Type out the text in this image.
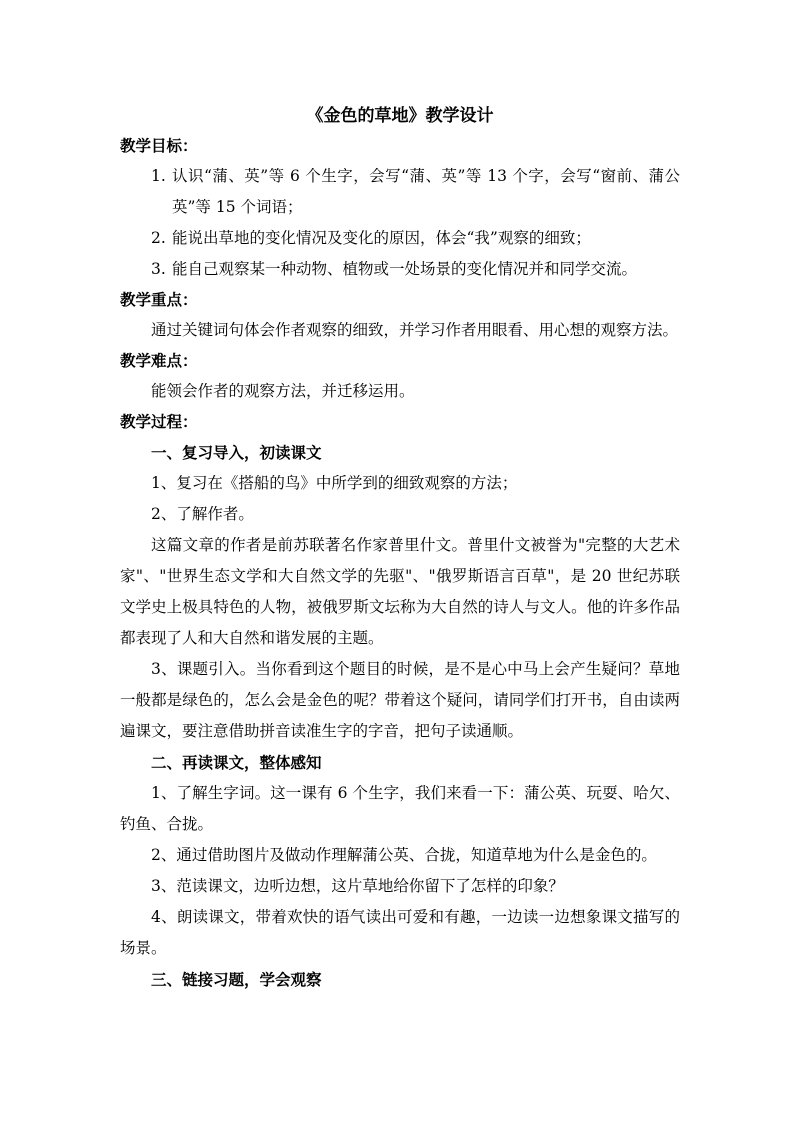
《金色的草地》教学设计
教学目标：
1. 认识“蒲、英”等 6 个生字，会写“蒲、英”等 13 个字，会写“窗前、蒲公英”等 15 个词语；
2. 能说出草地的变化情况及变化的原因，体会“我”观察的细致；
3. 能自己观察某一种动物、植物或一处场景的变化情况并和同学交流。
教学重点：
通过关键词句体会作者观察的细致，并学习作者用眼看、用心想的观察方法。
教学难点：
能领会作者的观察方法，并迁移运用。
教学过程：
一、复习导入，初读课文
1、复习在《搭船的鸟》中所学到的细致观察的方法；
2、了解作者。
这篇文章的作者是前苏联著名作家普里什文。普里什文被誉为"完整的大艺术家"、"世界生态文学和大自然文学的先驱"、"俄罗斯语言百草"，是 20 世纪苏联文学史上极具特色的人物，被俄罗斯文坛称为大自然的诗人与文人。他的许多作品都表现了人和大自然和谐发展的主题。
3、课题引入。当你看到这个题目的时候，是不是心中马上会产生疑问？草地一般都是绿色的，怎么会是金色的呢？带着这个疑问，请同学们打开书，自由读两遍课文，要注意借助拼音读准生字的字音，把句子读通顺。
二、再读课文，整体感知
1、了解生字词。这一课有 6 个生字，我们来看一下：蒲公英、玩耍、哈欠、钓鱼、合拢。
2、通过借助图片及做动作理解蒲公英、合拢，知道草地为什么是金色的。
3、范读课文，边听边想，这片草地给你留下了怎样的印象？
4、朗读课文，带着欢快的语气读出可爱和有趣，一边读一边想象课文描写的场景。
三、链接习题，学会观察
